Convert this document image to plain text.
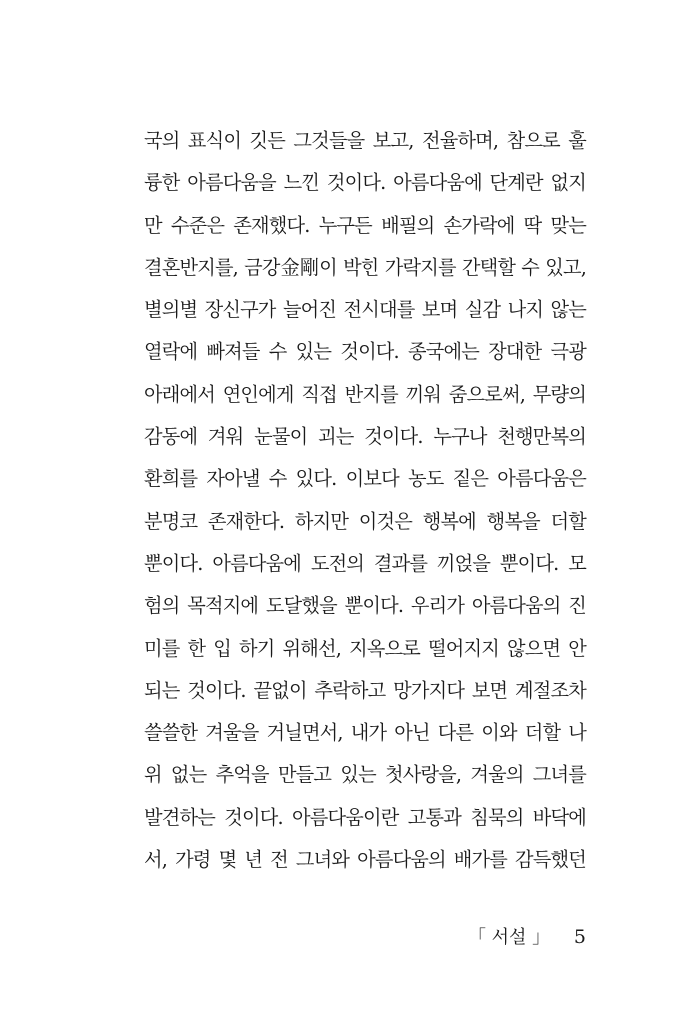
국의 표식이 깃든 그것들을 보고, 전율하며, 참으로 훌
륭한 아름다움을 느낀 것이다. 아름다움에 단계란 없지
만 수준은 존재했다. 누구든 배필의 손가락에 딱 맞는
결혼반지를, 금강金剛이 박힌 가락지를 간택할 수 있고,
별의별 장신구가 늘어진 전시대를 보며 실감 나지 않는
열락에 빠져들 수 있는 것이다. 종국에는 장대한 극광
아래에서 연인에게 직접 반지를 끼워 줌으로써, 무량의
감동에 겨워 눈물이 괴는 것이다. 누구나 천행만복의
환희를 자아낼 수 있다. 이보다 농도 짙은 아름다움은
분명코 존재한다. 하지만 이것은 행복에 행복을 더할
뿐이다. 아름다움에 도전의 결과를 끼얹을 뿐이다. 모
험의 목적지에 도달했을 뿐이다. 우리가 아름다움의 진
미를 한 입 하기 위해선, 지옥으로 떨어지지 않으면 안
되는 것이다. 끝없이 추락하고 망가지다 보면 계절조차
쓸쓸한 겨울을 거닐면서, 내가 아닌 다른 이와 더할 나
위 없는 추억을 만들고 있는 첫사랑을, 겨울의 그녀를
발견하는 것이다. 아름다움이란 고통과 침묵의 바닥에
서, 가령 몇 년 전 그녀와 아름다움의 배가를 감득했던
「 서설 」 5
